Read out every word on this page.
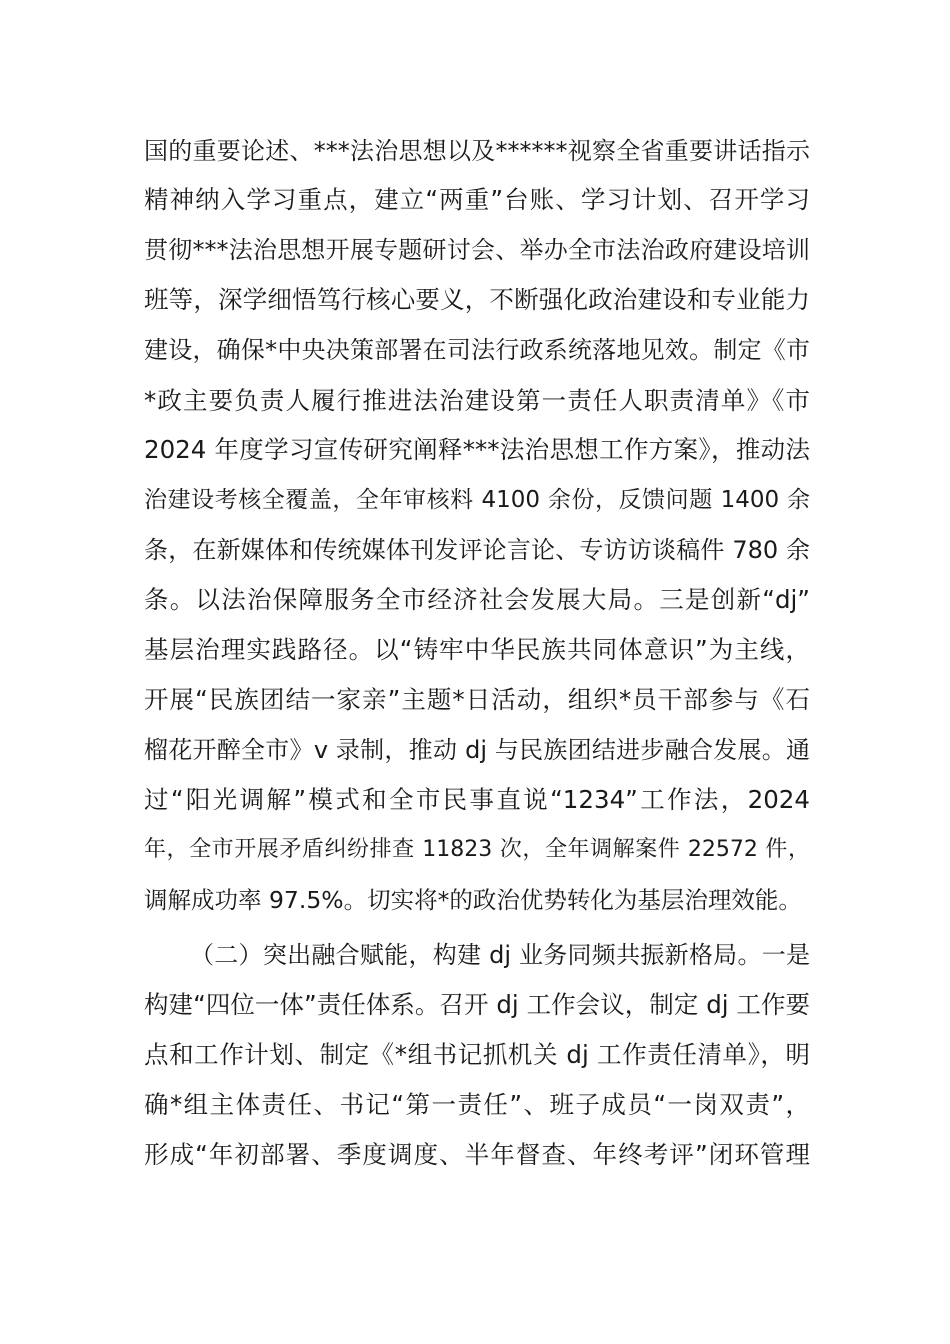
国的重要论述、***法治思想以及******视察全省重要讲话指示
精神纳入学习重点，建立“两重”台账、学习计划、召开学习
贯彻***法治思想开展专题研讨会、举办全市法治政府建设培训
班等，深学细悟笃行核心要义，不断强化政治建设和专业能力
建设，确保*中央决策部署在司法行政系统落地见效。制定《市
*政主要负责人履行推进法治建设第一责任人职责清单》《市
2024 年度学习宣传研究阐释***法治思想工作方案》，推动法
治建设考核全覆盖，全年审核料 4100 余份，反馈问题 1400 余
条，在新媒体和传统媒体刊发评论言论、专访访谈稿件 780 余
条。以法治保障服务全市经济社会发展大局。三是创新“dj”
基层治理实践路径。以“铸牢中华民族共同体意识”为主线，
开展“民族团结一家亲”主题*日活动，组织*员干部参与《石
榴花开醉全市》v 录制，推动 dj 与民族团结进步融合发展。通
过“阳光调解”模式和全市民事直说“1234”工作法，2024
年，全市开展矛盾纠纷排查 11823 次，全年调解案件 22572 件，
调解成功率 97.5%。切实将*的政治优势转化为基层治理效能。
（二）突出融合赋能，构建 dj 业务同频共振新格局。一是
构建“四位一体”责任体系。召开 dj 工作会议，制定 dj 工作要
点和工作计划、制定《*组书记抓机关 dj 工作责任清单》，明
确*组主体责任、书记“第一责任”、班子成员“一岗双责”，
形成“年初部署、季度调度、半年督查、年终考评”闭环管理
